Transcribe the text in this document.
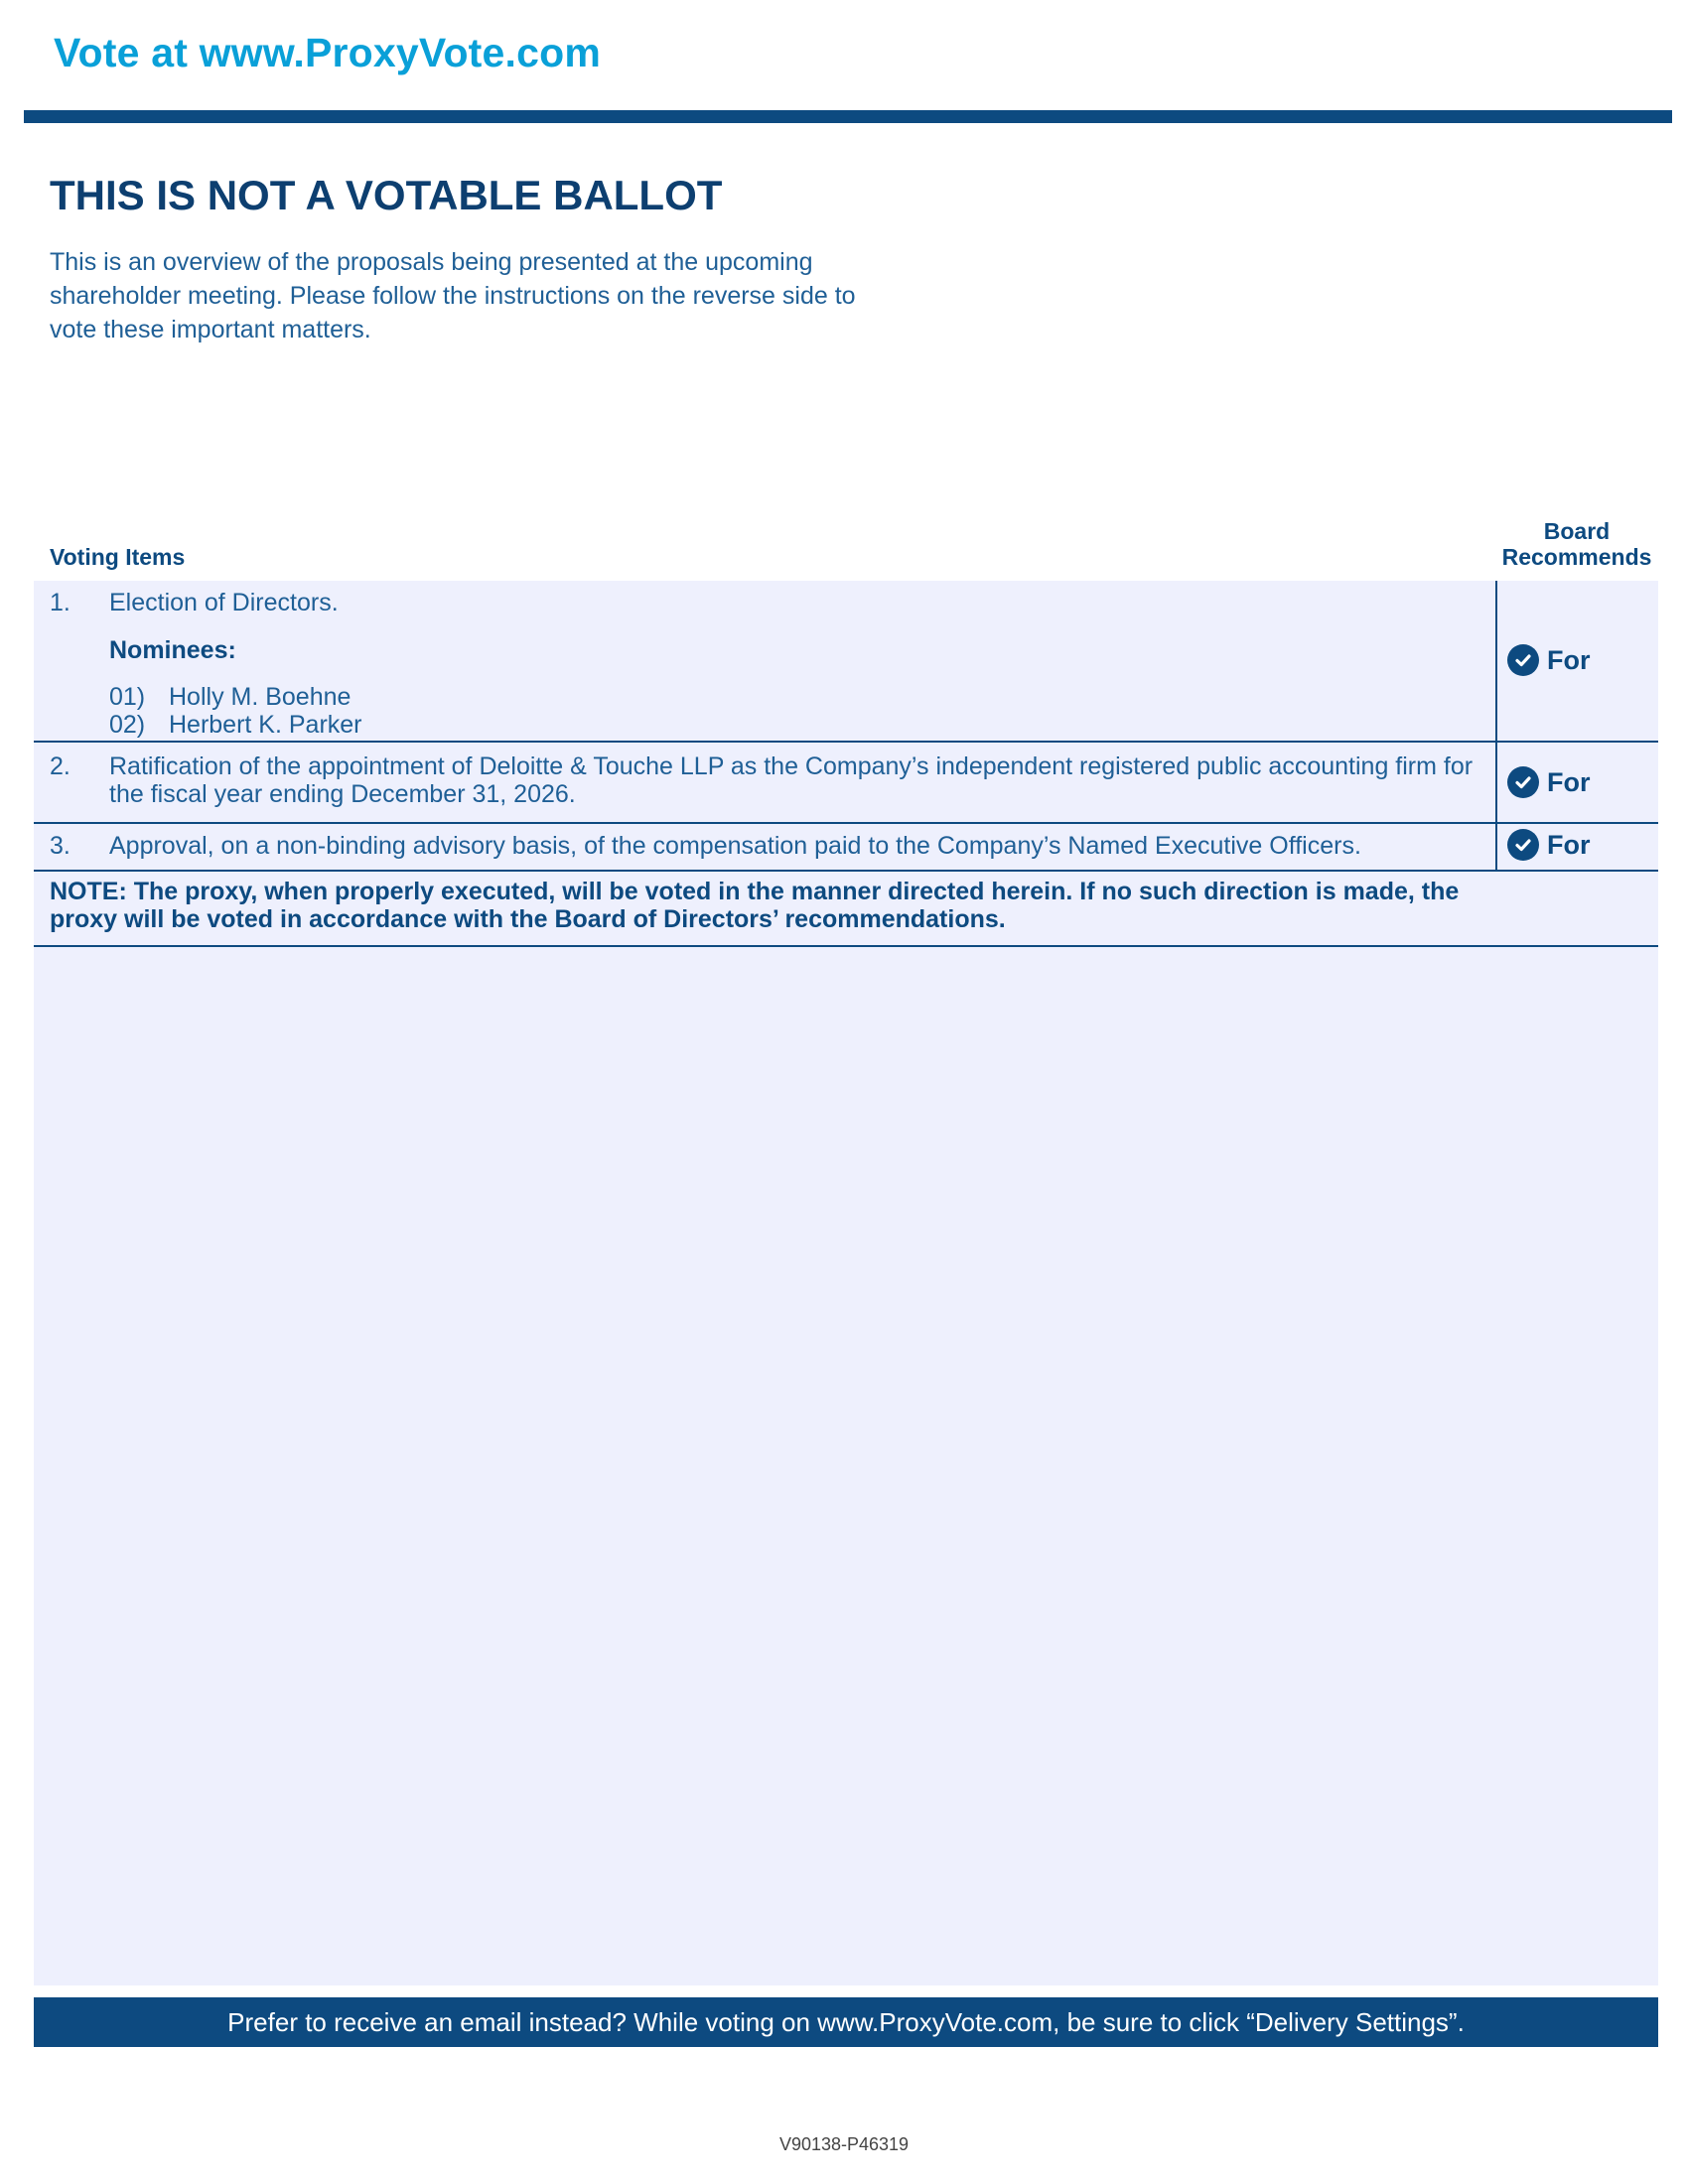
Vote at www.ProxyVote.com
THIS IS NOT A VOTABLE BALLOT

This is an overview of the proposals being presented at the upcoming shareholder meeting. Please follow the instructions on the reverse side to vote these important matters.

Voting Items
Board Recommends
1. Election of Directors.
Nominees:
01) Holly M. Boehne
02) Herbert K. Parker
For
2. Ratification of the appointment of Deloitte & Touche LLP as the Company’s independent registered public accounting firm for the fiscal year ending December 31, 2026.	For
3. Approval, on a non-binding advisory basis, of the compensation paid to the Company’s Named Executive Officers.	For

NOTE: The proxy, when properly executed, will be voted in the manner directed herein. If no such direction is made, the proxy will be voted in accordance with the Board of Directors’ recommendations.

Prefer to receive an email instead? While voting on www.ProxyVote.com, be sure to click “Delivery Settings”.
V90138-P46319
